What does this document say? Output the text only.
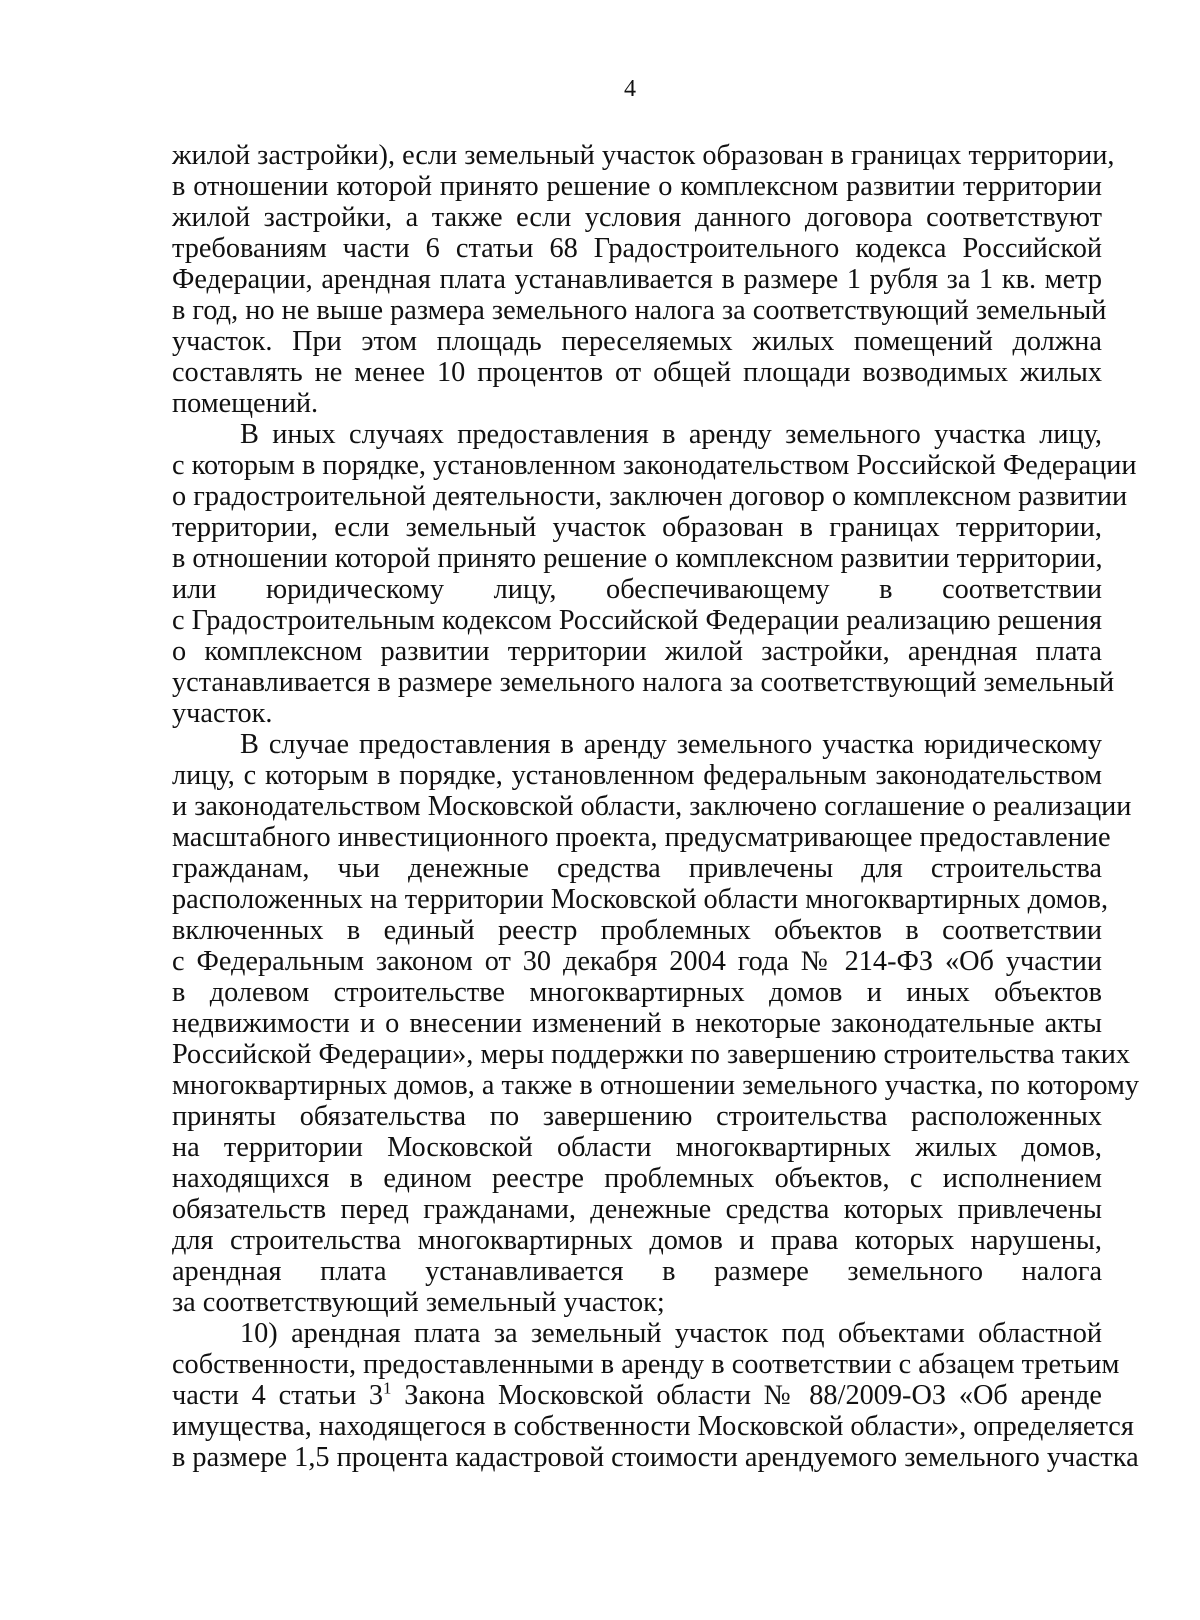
4
жилой застройки), если земельный участок образован в границах территории,
в отношении которой принято решение о комплексном развитии территории
жилой застройки, а также если условия данного договора соответствуют
требованиям части 6 статьи 68 Градостроительного кодекса Российской
Федерации, арендная плата устанавливается в размере 1 рубля за 1 кв. метр
в год, но не выше размера земельного налога за соответствующий земельный
участок. При этом площадь переселяемых жилых помещений должна
составлять не менее 10 процентов от общей площади возводимых жилых
помещений.
В иных случаях предоставления в аренду земельного участка лицу,
с которым в порядке, установленном законодательством Российской Федерации
о градостроительной деятельности, заключен договор о комплексном развитии
территории, если земельный участок образован в границах территории,
в отношении которой принято решение о комплексном развитии территории,
или юридическому лицу, обеспечивающему в соответствии
с Градостроительным кодексом Российской Федерации реализацию решения
о комплексном развитии территории жилой застройки, арендная плата
устанавливается в размере земельного налога за соответствующий земельный
участок.
В случае предоставления в аренду земельного участка юридическому
лицу, с которым в порядке, установленном федеральным законодательством
и законодательством Московской области, заключено соглашение о реализации
масштабного инвестиционного проекта, предусматривающее предоставление
гражданам, чьи денежные средства привлечены для строительства
расположенных на территории Московской области многоквартирных домов,
включенных в единый реестр проблемных объектов в соответствии
с Федеральным законом от 30 декабря 2004 года № 214-ФЗ «Об участии
в долевом строительстве многоквартирных домов и иных объектов
недвижимости и о внесении изменений в некоторые законодательные акты
Российской Федерации», меры поддержки по завершению строительства таких
многоквартирных домов, а также в отношении земельного участка, по которому
приняты обязательства по завершению строительства расположенных
на территории Московской области многоквартирных жилых домов,
находящихся в едином реестре проблемных объектов, с исполнением
обязательств перед гражданами, денежные средства которых привлечены
для строительства многоквартирных домов и права которых нарушены,
арендная плата устанавливается в размере земельного налога
за соответствующий земельный участок;
10) арендная плата за земельный участок под объектами областной
собственности, предоставленными в аренду в соответствии с абзацем третьим
части 4 статьи $3^1$ Закона Московской области № 88/2009-ОЗ «Об аренде
имущества, находящегося в собственности Московской области», определяется
в размере 1,5 процента кадастровой стоимости арендуемого земельного участка
